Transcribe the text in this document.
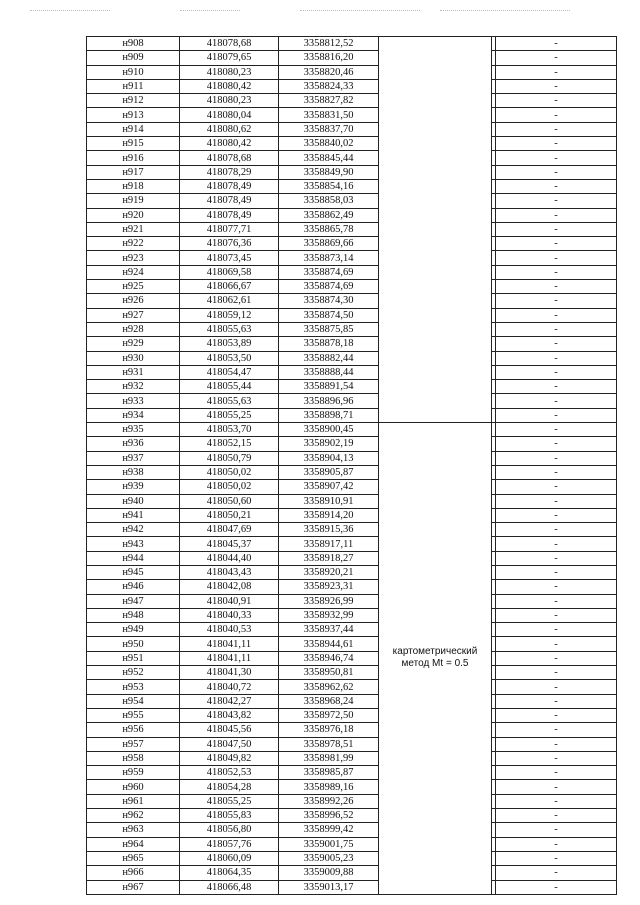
н908	418078,68	3358812,52			-
н909	418079,65	3358816,20			-
н910	418080,23	3358820,46			-
н911	418080,42	3358824,33			-
н912	418080,23	3358827,82			-
н913	418080,04	3358831,50			-
н914	418080,62	3358837,70			-
н915	418080,42	3358840,02			-
н916	418078,68	3358845,44			-
н917	418078,29	3358849,90			-
н918	418078,49	3358854,16			-
н919	418078,49	3358858,03			-
н920	418078,49	3358862,49			-
н921	418077,71	3358865,78			-
н922	418076,36	3358869,66			-
н923	418073,45	3358873,14			-
н924	418069,58	3358874,69			-
н925	418066,67	3358874,69			-
н926	418062,61	3358874,30			-
н927	418059,12	3358874,50			-
н928	418055,63	3358875,85			-
н929	418053,89	3358878,18			-
н930	418053,50	3358882,44			-
н931	418054,47	3358888,44			-
н932	418055,44	3358891,54			-
н933	418055,63	3358896,96			-
н934	418055,25	3358898,71			-
н935	418053,70	3358900,45	картометрический
метод Mt = 0.5		-
н936	418052,15	3358902,19			-
н937	418050,79	3358904,13			-
н938	418050,02	3358905,87			-
н939	418050,02	3358907,42			-
н940	418050,60	3358910,91			-
н941	418050,21	3358914,20			-
н942	418047,69	3358915,36			-
н943	418045,37	3358917,11			-
н944	418044,40	3358918,27			-
н945	418043,43	3358920,21			-
н946	418042,08	3358923,31			-
н947	418040,91	3358926,99			-
н948	418040,33	3358932,99			-
н949	418040,53	3358937,44			-
н950	418041,11	3358944,61			-
н951	418041,11	3358946,74			-
н952	418041,30	3358950,81			-
н953	418040,72	3358962,62			-
н954	418042,27	3358968,24			-
н955	418043,82	3358972,50			-
н956	418045,56	3358976,18			-
н957	418047,50	3358978,51			-
н958	418049,82	3358981,99			-
н959	418052,53	3358985,87			-
н960	418054,28	3358989,16			-
н961	418055,25	3358992,26			-
н962	418055,83	3358996,52			-
н963	418056,80	3358999,42			-
н964	418057,76	3359001,75			-
н965	418060,09	3359005,23			-
н966	418064,35	3359009,88			-
н967	418066,48	3359013,17			-
